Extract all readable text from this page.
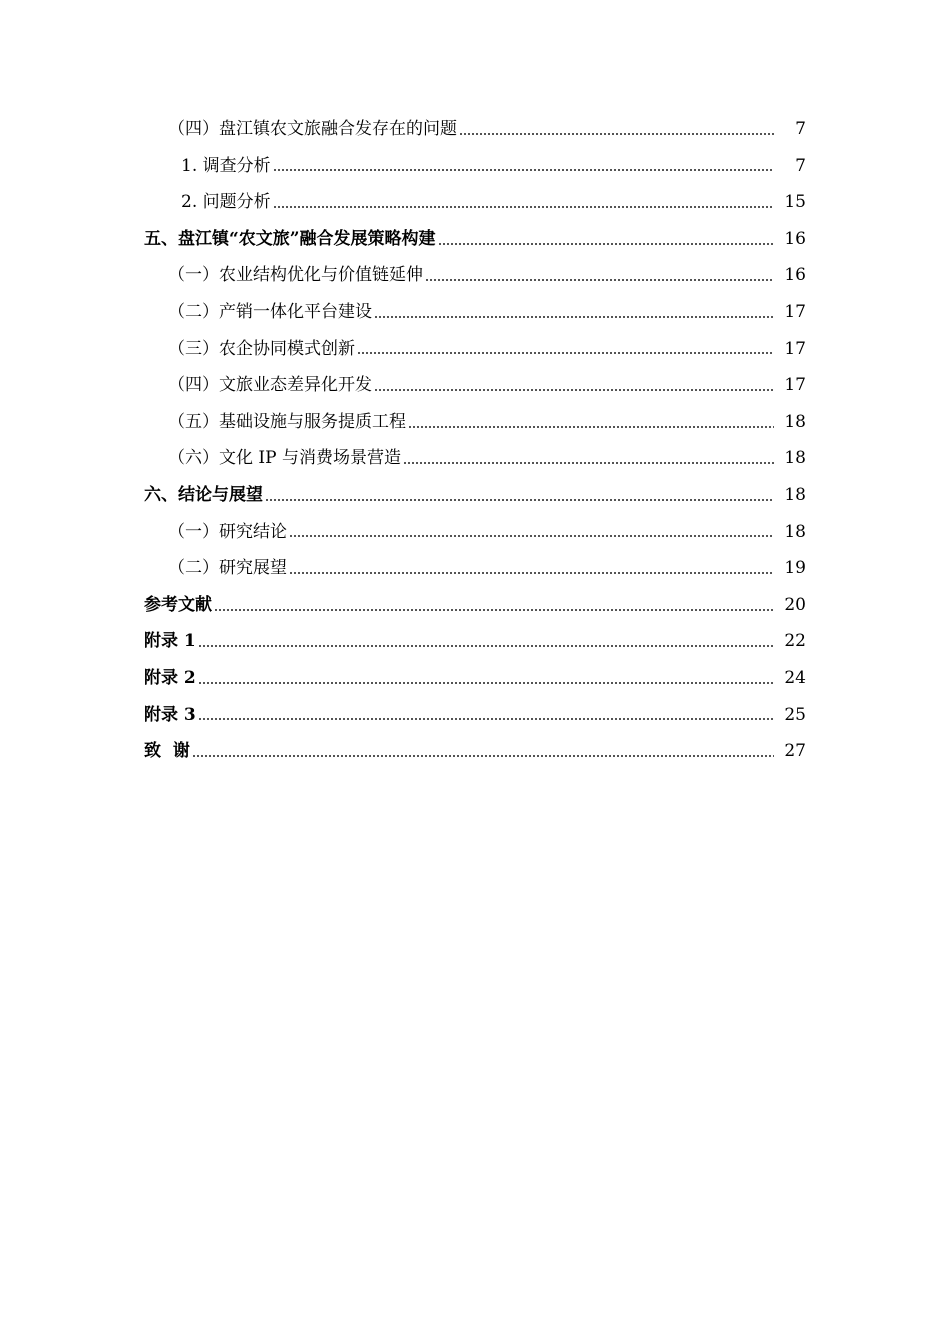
（四）盘江镇农文旅融合发存在的问题	7
1. 调查分析	7
2. 问题分析	15
五、盘江镇“农文旅”融合发展策略构建	16
（一）农业结构优化与价值链延伸	16
（二）产销一体化平台建设	17
（三）农企协同模式创新	17
（四）文旅业态差异化开发	17
（五）基础设施与服务提质工程	18
（六）文化 IP 与消费场景营造	18
六、结论与展望	18
（一）研究结论	18
（二）研究展望	19
参考文献	20
附录 1	22
附录 2	24
附录 3	25
致  谢	27
